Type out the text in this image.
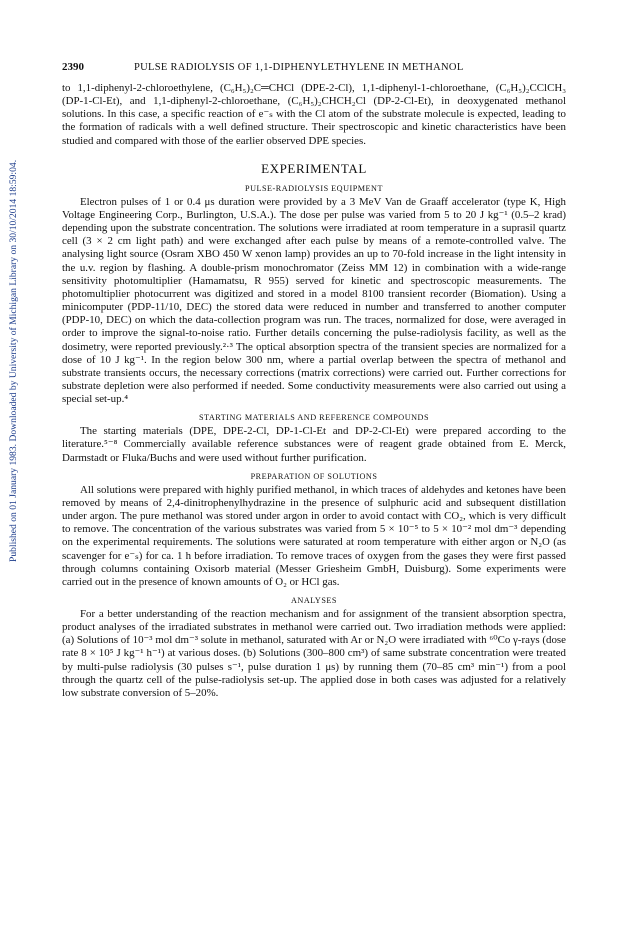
Published on 01 January 1983. Downloaded by University of Michigan Library on 30/10/2014 18:59:04.
2390	PULSE RADIOLYSIS OF 1,1-DIPHENYLETHYLENE IN METHANOL

to 1,1-diphenyl-2-chloroethylene, (C₆H₅)₂C═CHCl (DPE-2-Cl), 1,1-diphenyl-1-chloroethane, (C₆H₅)₂CClCH₃ (DP-1-Cl-Et), and 1,1-diphenyl-2-chloroethane, (C₆H₅)₂CHCH₂Cl (DP-2-Cl-Et), in deoxygenated methanol solutions. In this case, a specific reaction of e⁻ₛ with the Cl atom of the substrate molecule is expected, leading to the formation of radicals with a well defined structure. Their spectroscopic and kinetic characteristics have been studied and compared with those of the earlier observed DPE species.

EXPERIMENTAL
PULSE-RADIOLYSIS EQUIPMENT

Electron pulses of 1 or 0.4 μs duration were provided by a 3 MeV Van de Graaff accelerator (type K, High Voltage Engineering Corp., Burlington, U.S.A.). The dose per pulse was varied from 5 to 20 J kg⁻¹ (0.5–2 krad) depending upon the substrate concentration. The solutions were irradiated at room temperature in a suprasil quartz cell (3 × 2 cm light path) and were exchanged after each pulse by means of a remote-controlled valve. The analysing light source (Osram XBO 450 W xenon lamp) provides an up to 70-fold increase in the light intensity in the u.v. region by flashing. A double-prism monochromator (Zeiss MM 12) in combination with a wide-range sensitivity photomultiplier (Hamamatsu, R 955) served for kinetic and spectroscopic measurements. The photomultiplier photocurrent was digitized and stored in a model 8100 transient recorder (Biomation). Using a minicomputer (PDP-11/10, DEC) the stored data were reduced in number and transferred to another computer (PDP-10, DEC) on which the data-collection program was run. The traces, normalized for dose, were averaged in order to improve the signal-to-noise ratio. Further details concerning the pulse-radiolysis facility, as well as the dosimetry, were reported previously.²·³ The optical absorption spectra of the transient species are normalized for a dose of 10 J kg⁻¹. In the region below 300 nm, where a partial overlap between the spectra of methanol and substrate transients occurs, the necessary corrections (matrix corrections) were carried out. Further corrections for substrate depletion were also performed if needed. Some conductivity measurements were also carried out using a special set-up.⁴

STARTING MATERIALS AND REFERENCE COMPOUNDS

The starting materials (DPE, DPE-2-Cl, DP-1-Cl-Et and DP-2-Cl-Et) were prepared according to the literature.⁵⁻⁸ Commercially available reference substances were of reagent grade obtained from E. Merck, Darmstadt or Fluka/Buchs and were used without further purification.

PREPARATION OF SOLUTIONS

All solutions were prepared with highly purified methanol, in which traces of aldehydes and ketones have been removed by means of 2,4-dinitrophenylhydrazine in the presence of sulphuric acid and subsequent distillation under argon. The pure methanol was stored under argon in order to avoid contact with CO₂, which is very difficult to remove. The concentration of the various substrates was varied from 5 × 10⁻⁵ to 5 × 10⁻² mol dm⁻³ depending on the experimental requirements. The solutions were saturated at room temperature with either argon or N₂O (as scavenger for e⁻ₛ) for ca. 1 h before irradiation. To remove traces of oxygen from the gases they were first passed through columns containing Oxisorb material (Messer Griesheim GmbH, Duisburg). Some experiments were carried out in the presence of known amounts of O₂ or HCl gas.

ANALYSES

For a better understanding of the reaction mechanism and for assignment of the transient absorption spectra, product analyses of the irradiated substrates in methanol were carried out. Two irradiation methods were applied: (a) Solutions of 10⁻³ mol dm⁻³ solute in methanol, saturated with Ar or N₂O were irradiated with ⁶⁰Co γ-rays (dose rate 8 × 10⁵ J kg⁻¹ h⁻¹) at various doses. (b) Solutions (300–800 cm³) of same substrate concentration were treated by multi-pulse radiolysis (30 pulses s⁻¹, pulse duration 1 μs) by running them (70–85 cm³ min⁻¹) from a pool through the quartz cell of the pulse-radiolysis set-up. The applied dose in both cases was adjusted for a relatively low substrate conversion of 5–20%.
